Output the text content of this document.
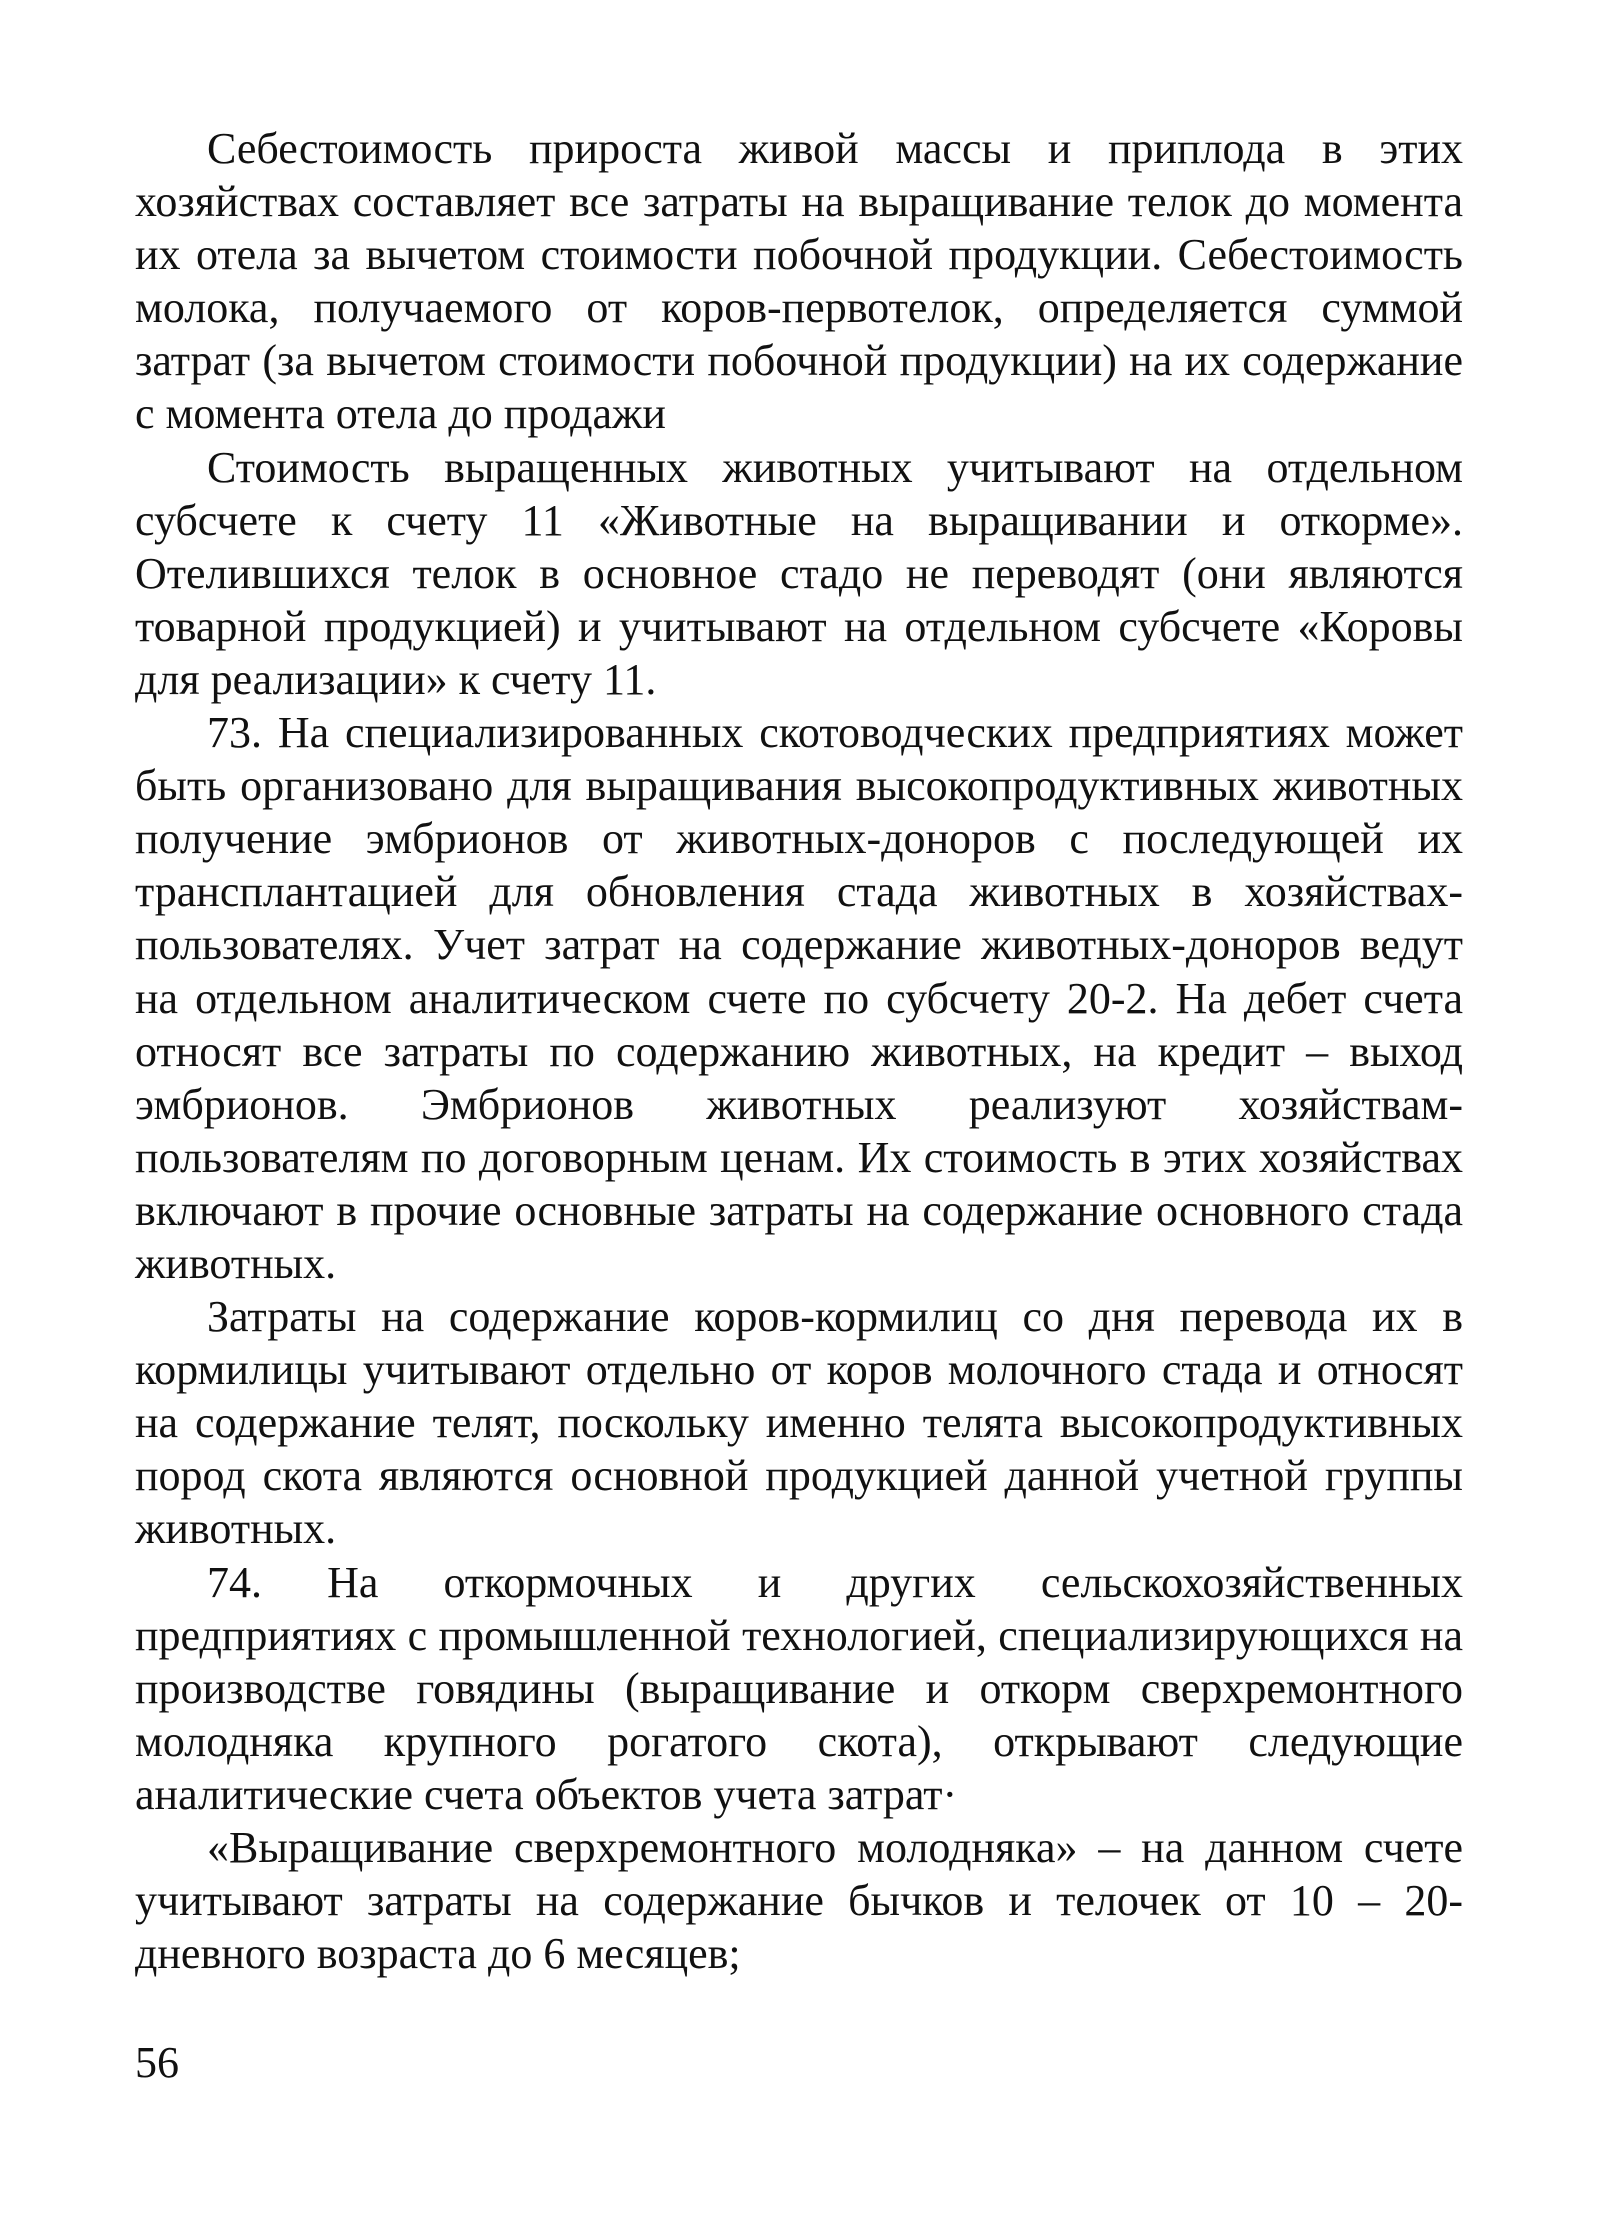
Себестоимость прироста живой массы и приплода в этих хозяйствах составляет все затраты на выращивание телок до момента их отела за вычетом стоимости побочной продукции. Себестоимость молока, получаемого от коров-первотелок, определяется суммой затрат (за вычетом стоимости побочной продукции) на их содержание с момента отела до продажи

Стоимость выращенных животных учитывают на отдельном субсчете к счету 11 «Животные на выращивании и откорме». Отелившихся телок в основное стадо не переводят (они являются товарной продукцией) и учитывают на отдельном субсчете «Коровы для реализации» к счету 11.

73. На специализированных скотоводческих предприятиях может быть организовано для выращивания высокопродуктивных животных получение эмбрионов от животных-доноров с последующей их трансплантацией для обновления стада животных в хозяйствах-пользователях. Учет затрат на содержание животных-доноров ведут на отдельном аналитическом счете по субсчету 20-2. На дебет счета относят все затраты по содержанию животных, на кредит – выход эмбрионов. Эмбрионов животных реализуют хозяйствам-пользователям по договорным ценам. Их стоимость в этих хозяйствах включают в прочие основные затраты на содержание основного стада животных.

Затраты на содержание коров-кормилиц со дня перевода их в кормилицы учитывают отдельно от коров молочного стада и относят на содержание телят, поскольку именно телята высокопродуктивных пород скота являются основной продукцией данной учетной группы животных.

74. На откормочных и других сельскохозяйственных предприятиях с промышленной технологией, специализирующихся на производстве говядины (выращивание и откорм сверхремонтного молодняка крупного рогатого скота), открывают следующие аналитические счета объектов учета затрат·

«Выращивание сверхремонтного молодняка» – на данном счете учитывают затраты на содержание бычков и телочек от 10 – 20-дневного возраста до 6 месяцев;

56
